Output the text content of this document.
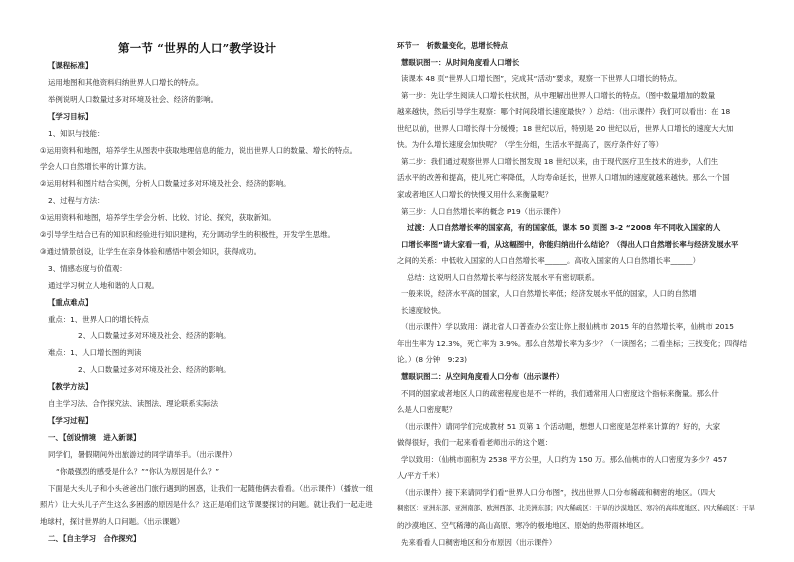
第一节 “世界的人口”教学设计
【课程标准】
运用地图和其他资料归纳世界人口增长的特点。
举例说明人口数量过多对环境及社会、经济的影响。
【学习目标】
1、知识与技能：
①运用资料和地图，培养学生从图表中获取地理信息的能力，说出世界人口的数量、增长的特点。
学会人口自然增长率的计算方法。
②运用材料和图片结合实例，分析人口数量过多对环境及社会、经济的影响。
2、过程与方法：
①运用资料和地图，培养学生学会分析、比较、讨论、探究，获取新知。
②引导学生结合已有的知识和经验进行知识建构，充分调动学生的积极性，开发学生思维。
③通过情景创设，让学生在亲身体验和感悟中领会知识，获得成功。
3、情感态度与价值观：
通过学习树立人地和谐的人口观。
【重点难点】
重点：1、世界人口的增长特点
2、人口数量过多对环境及社会、经济的影响。
难点：1、人口增长图的判读
2、人口数量过多对环境及社会、经济的影响。
【教学方法】
自主学习法、合作探究法、读图法、理论联系实际法
【学习过程】
一、【创设情境　进入新课】
同学们，暑假期间外出旅游过的同学请举手。（出示课件）
“你最强烈的感受是什么？”“你认为原因是什么？”
下面是大头儿子和小头爸爸出门旅行遇到的困惑，让我们一起随他俩去看看。（出示课件）（播放一组
照片）让大头儿子产生这么多困惑的原因是什么？这正是咱们这节课要探讨的问题。就让我们一起走进
地球村，探讨世界的人口问题。（出示课题）
二、【自主学习　合作探究】
环节一　析数量变化，思增长特点
慧眼识图一：从时间角度看人口增长
读课本 48 页“世界人口增长图”，完成其“活动”要求，观察一下世界人口增长的特点。
第一步：先让学生阅读人口增长柱状图，从中理解出世界人口增长的特点。（图中数量增加的数量
越来越快，然后引导学生观察：哪个时间段增长速度最快？）总结：（出示课件）我们可以看出：在 18
世纪以前，世界人口增长得十分缓慢；18 世纪以后，特别是 20 世纪以后，世界人口增长的速度大大加
快。为什么增长速度会加快呢？（学生分组，生活水平提高了，医疗条件好了等）
第二步：我们通过观察世界人口增长图发现 18 世纪以来，由于现代医疗卫生技术的进步，人们生
活水平的改善和提高，使儿死亡率降低，人均寿命延长，世界人口增加的速度就越来越快。那么一个国
家或者地区人口增长的快慢又用什么来衡量呢？
第三步：人口自然增长率的概念 P19（出示课件）
过渡：人口自然增长率的国家高，有的国家低，课本 50 页图 3-2 “2008 年不同收入国家的人
口增长率图”请大家看一看，从这幅图中，你能归纳出什么结论？（得出人口自然增长率与经济发展水平
之间的关系：中低收入国家的人口自然增长率______。高收入国家的人口自然增长率______）
总结：这说明人口自然增长率与经济发展水平有密切联系。
一般来说，经济水平高的国家，人口自然增长率低；经济发展水平低的国家，人口的自然增
长速度较快。
（出示课件）学以致用：湖北省人口普查办公室让你上报仙桃市 2015 年的自然增长率，仙桃市 2015
年出生率为 12.3%，死亡率为 3.9%。那么自然增长率为多少？（一读图名；二看坐标；三找变化；四得结
论。）(8 分钟　9:23)
慧眼识图二：从空间角度看人口分布（出示课件）
不同的国家或者地区人口的疏密程度也是不一样的，我们通常用人口密度这个指标来衡量。那么什
么是人口密度呢？
（出示课件）请同学们完成教材 51 页第 1 个活动题，想想人口密度是怎样来计算的？好的，大家
做得很好，我们一起来看看老师出示的这个题：
学以致用：（仙桃市面积为 2538 平方公里，人口约为 150 万。那么仙桃市的人口密度为多少？457
人/平方千米）
（出示课件）接下来请同学们看“世界人口分布图”，找出世界人口分布稀疏和稠密的地区。（四大
稠密区：亚洲东部、亚洲南部、欧洲西部、北美洲东部；四大稀疏区：干旱的沙漠地区、寒冷的高纬度地区、四大稀疏区：干旱
的沙漠地区、空气稀薄的高山高原、寒冷的极地地区、原始的热带雨林地区。
先来看看人口稠密地区和分布原因（出示课件）
